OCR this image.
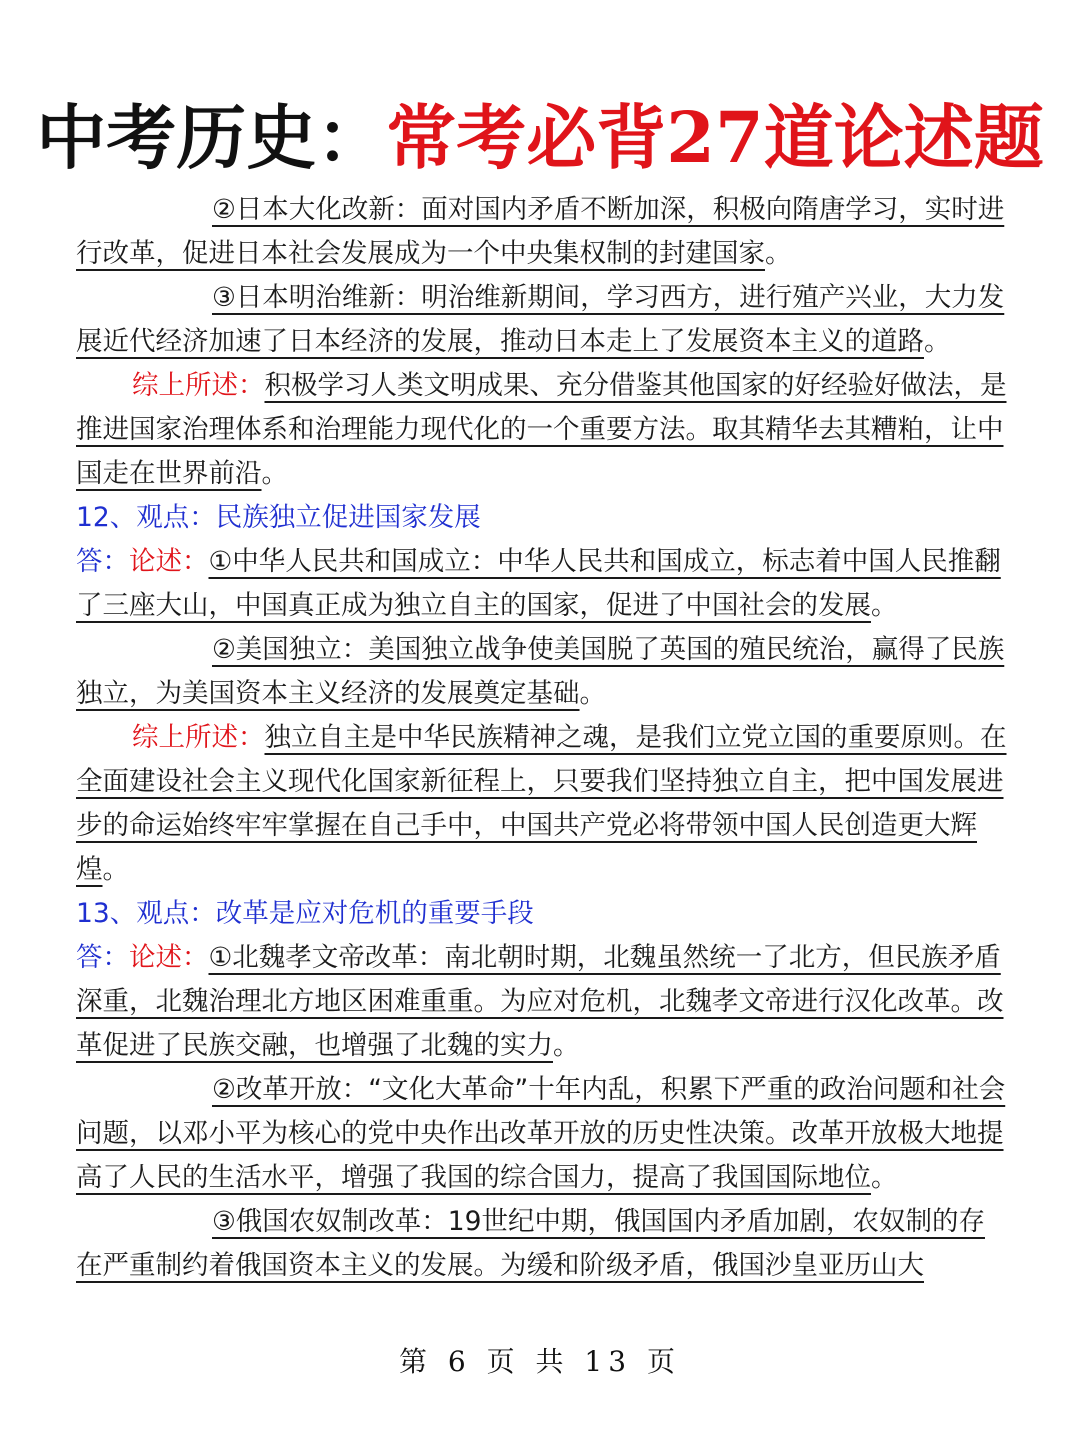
中考历史：常考必背27道论述题

②日本大化改新：面对国内矛盾不断加深，积极向隋唐学习，实时进行改革，促进日本社会发展成为一个中央集权制的封建国家。

③日本明治维新：明治维新期间，学习西方，进行殖产兴业，大力发展近代经济加速了日本经济的发展，推动日本走上了发展资本主义的道路。

综上所述：积极学习人类文明成果、充分借鉴其他国家的好经验好做法，是推进国家治理体系和治理能力现代化的一个重要方法。取其精华去其糟粕，让中国走在世界前沿。

12、观点：民族独立促进国家发展

答：论述：①中华人民共和国成立：中华人民共和国成立，标志着中国人民推翻了三座大山，中国真正成为独立自主的国家，促进了中国社会的发展。

②美国独立：美国独立战争使美国脱了英国的殖民统治，赢得了民族独立，为美国资本主义经济的发展奠定基础。

综上所述：独立自主是中华民族精神之魂，是我们立党立国的重要原则。在全面建设社会主义现代化国家新征程上，只要我们坚持独立自主，把中国发展进步的命运始终牢牢掌握在自己手中，中国共产党必将带领中国人民创造更大辉煌。

13、观点：改革是应对危机的重要手段

答：论述：①北魏孝文帝改革：南北朝时期，北魏虽然统一了北方，但民族矛盾深重，北魏治理北方地区困难重重。为应对危机，北魏孝文帝进行汉化改革。改革促进了民族交融，也增强了北魏的实力。

②改革开放：“文化大革命”十年内乱，积累下严重的政治问题和社会问题，以邓小平为核心的党中央作出改革开放的历史性决策。改革开放极大地提高了人民的生活水平，增强了我国的综合国力，提高了我国国际地位。

③俄国农奴制改革：19世纪中期，俄国国内矛盾加剧，农奴制的存在严重制约着俄国资本主义的发展。为缓和阶级矛盾，俄国沙皇亚历山大

第 6 页 共 13 页
